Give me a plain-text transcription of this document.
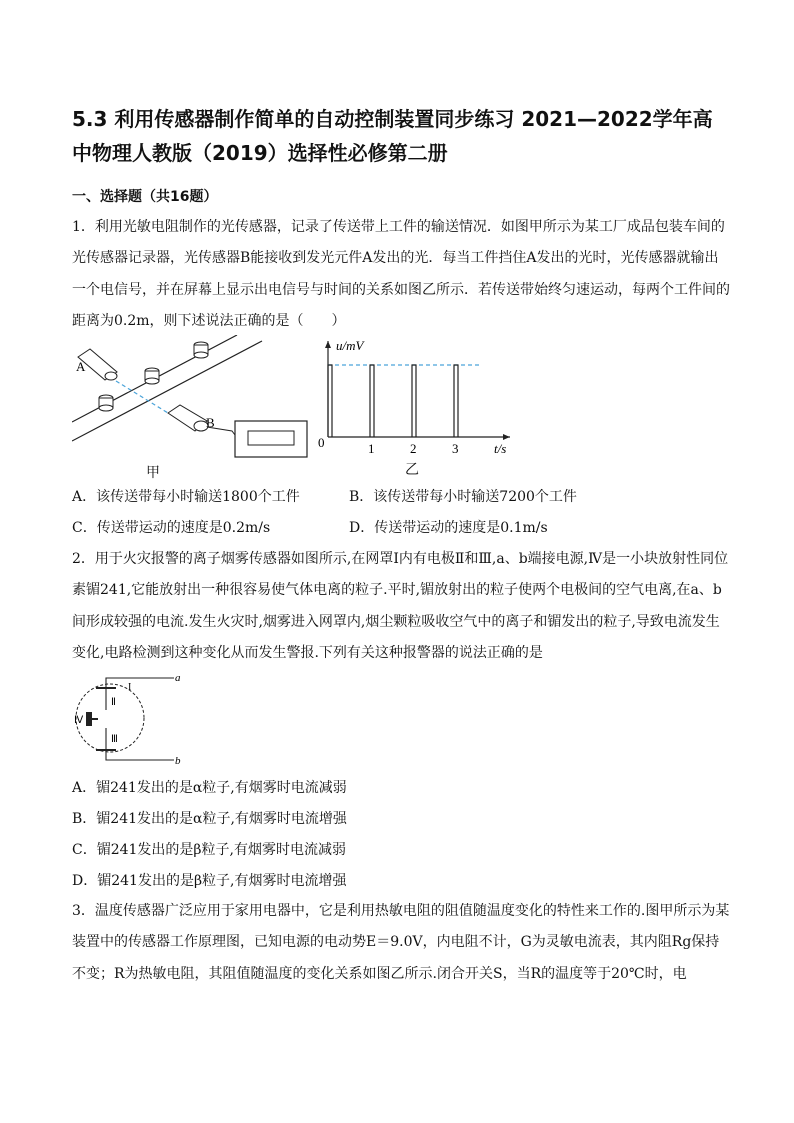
5.3 利用传感器制作简单的自动控制装置同步练习 2021—2022学年高中物理人教版（2019）选择性必修第二册
一、选择题（共16题）
1．利用光敏电阻制作的光传感器，记录了传送带上工件的输送情况．如图甲所示为某工厂成品包装车间的光传感器记录器，光传感器B能接收到发光元件A发出的光．每当工件挡住A发出的光时，光传感器就输出一个电信号，并在屏幕上显示出电信号与时间的关系如图乙所示．若传送带始终匀速运动，每两个工件间的距离为0.2m，则下述说法正确的是（　　）
A
B
甲
u/mV
t/s
0	1	2	3
乙
A．该传送带每小时输送1800个工件	B．该传送带每小时输送7200个工件
C．传送带运动的速度是0.2m/s	D．传送带运动的速度是0.1m/s
2．用于火灾报警的离子烟雾传感器如图所示,在网罩Ⅰ内有电极Ⅱ和Ⅲ,a、b端接电源,Ⅳ是一小块放射性同位素镅241,它能放射出一种很容易使气体电离的粒子.平时,镅放射出的粒子使两个电极间的空气电离,在a、b间形成较强的电流.发生火灾时,烟雾进入网罩内,烟尘颗粒吸收空气中的离子和镅发出的粒子,导致电流发生变化,电路检测到这种变化从而发生警报.下列有关这种报警器的说法正确的是
a
b
I
Ⅱ
Ⅲ
Ⅳ
A．镅241发出的是α粒子,有烟雾时电流减弱
B．镅241发出的是α粒子,有烟雾时电流增强
C．镅241发出的是β粒子,有烟雾时电流减弱
D．镅241发出的是β粒子,有烟雾时电流增强
3．温度传感器广泛应用于家用电器中，它是利用热敏电阻的阻值随温度变化的特性来工作的.图甲所示为某装置中的传感器工作原理图，已知电源的电动势E＝9.0V，内电阻不计，G为灵敏电流表，其内阻Rg保持不变；R为热敏电阻，其阻值随温度的变化关系如图乙所示.闭合开关S，当R的温度等于20℃时，电
